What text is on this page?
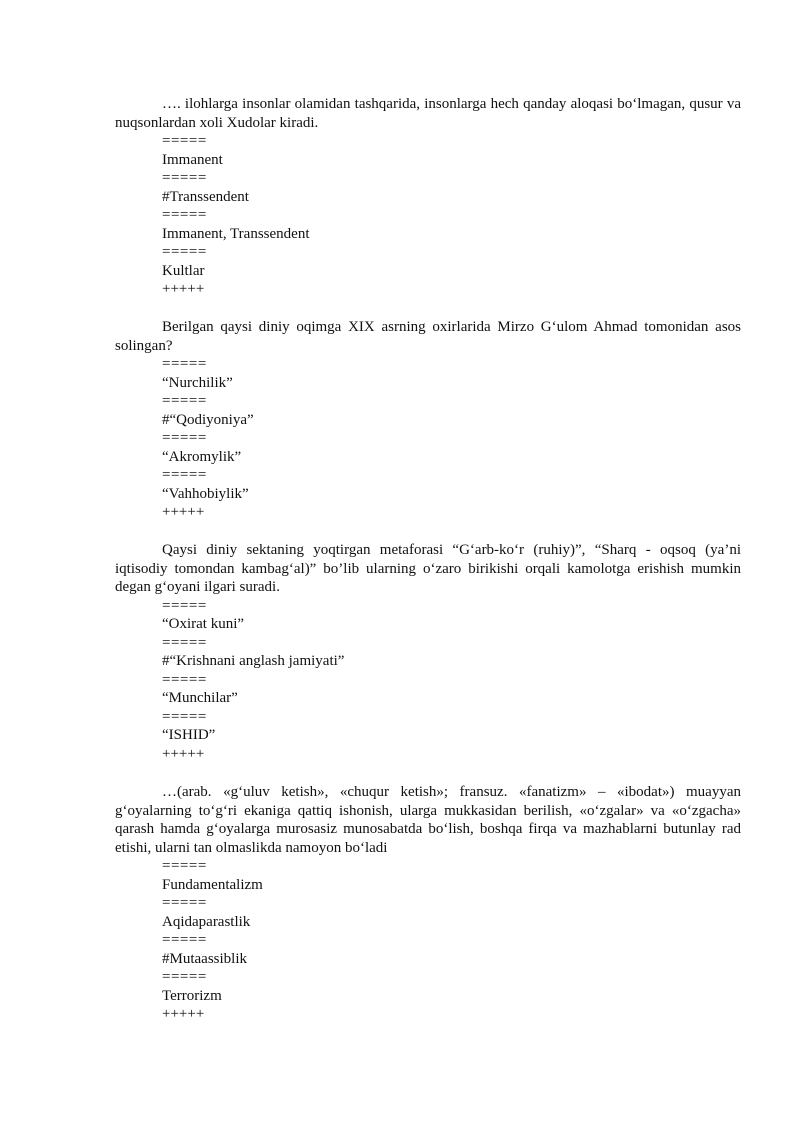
…. ilohlarga insonlar olamidan tashqarida, insonlarga hech qanday aloqasi bo‘lmagan, qusur va nuqsonlardan xoli Xudolar kiradi.

=====

Immanent

=====

#Transsendent

=====

Immanent, Transsendent

=====

Kultlar

+++++

Berilgan qaysi diniy oqimga XIX asrning oxirlarida Mirzo G‘ulom Ahmad tomonidan asos solingan?

=====

“Nurchilik”

=====

#“Qodiyoniya”

=====

“Akromylik”

=====

“Vahhobiylik”

+++++

Qaysi diniy sektaning yoqtirgan metaforasi “G‘arb-ko‘r (ruhiy)”, “Sharq - oqsoq (ya’ni iqtisodiy tomondan kambag‘al)” bo’lib ularning o‘zaro birikishi orqali kamolotga erishish mumkin degan g‘oyani ilgari suradi.

=====

“Oxirat kuni”

=====

#“Krishnani anglash jamiyati”

=====

“Munchilar”

=====

“ISHID”

+++++

…(arab. «g‘uluv ketish», «chuqur ketish»; fransuz. «fanatizm» – «ibodat») muayyan g‘oyalarning to‘g‘ri ekaniga qattiq ishonish, ularga mukkasidan berilish, «o‘zgalar» va «o‘zgacha» qarash hamda g‘oyalarga murosasiz munosabatda bo‘lish, boshqa firqa va mazhablarni butunlay rad etishi, ularni tan olmaslikda namoyon bo‘ladi

=====

Fundamentalizm

=====

Aqidaparastlik

=====

#Mutaassiblik

=====

Terrorizm

+++++
